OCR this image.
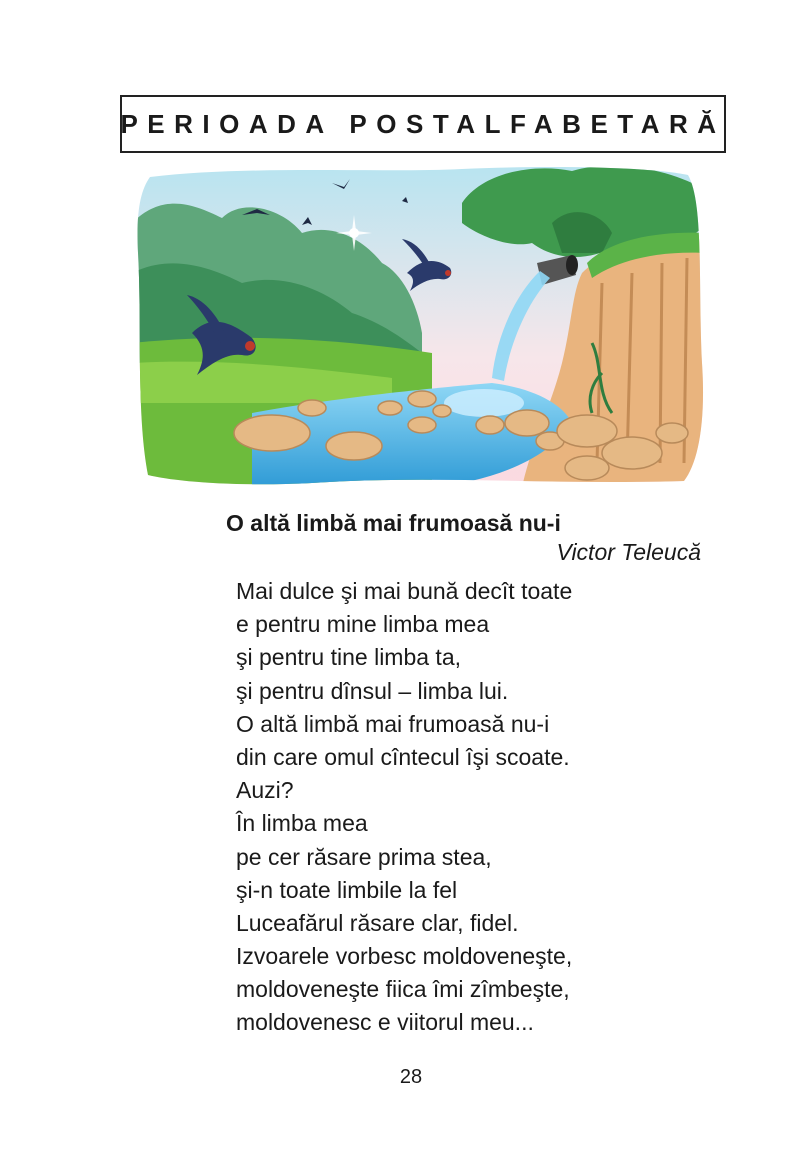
PERIOADA POSTALFABETARĂ
O altă limbă mai frumoasă nu-i
Victor Teleucă
Mai dulce şi mai bună decît toate
e pentru mine limba mea
şi pentru tine limba ta,
şi pentru dînsul – limba lui.
O altă limbă mai frumoasă nu-i
din care omul cîntecul îşi scoate.
Auzi?
În limba mea
pe cer răsare prima stea,
şi-n toate limbile la fel
Luceafărul răsare clar, fidel.
Izvoarele vorbesc moldoveneşte,
moldoveneşte fiica îmi zîmbeşte,
moldovenesc e viitorul meu...
28
